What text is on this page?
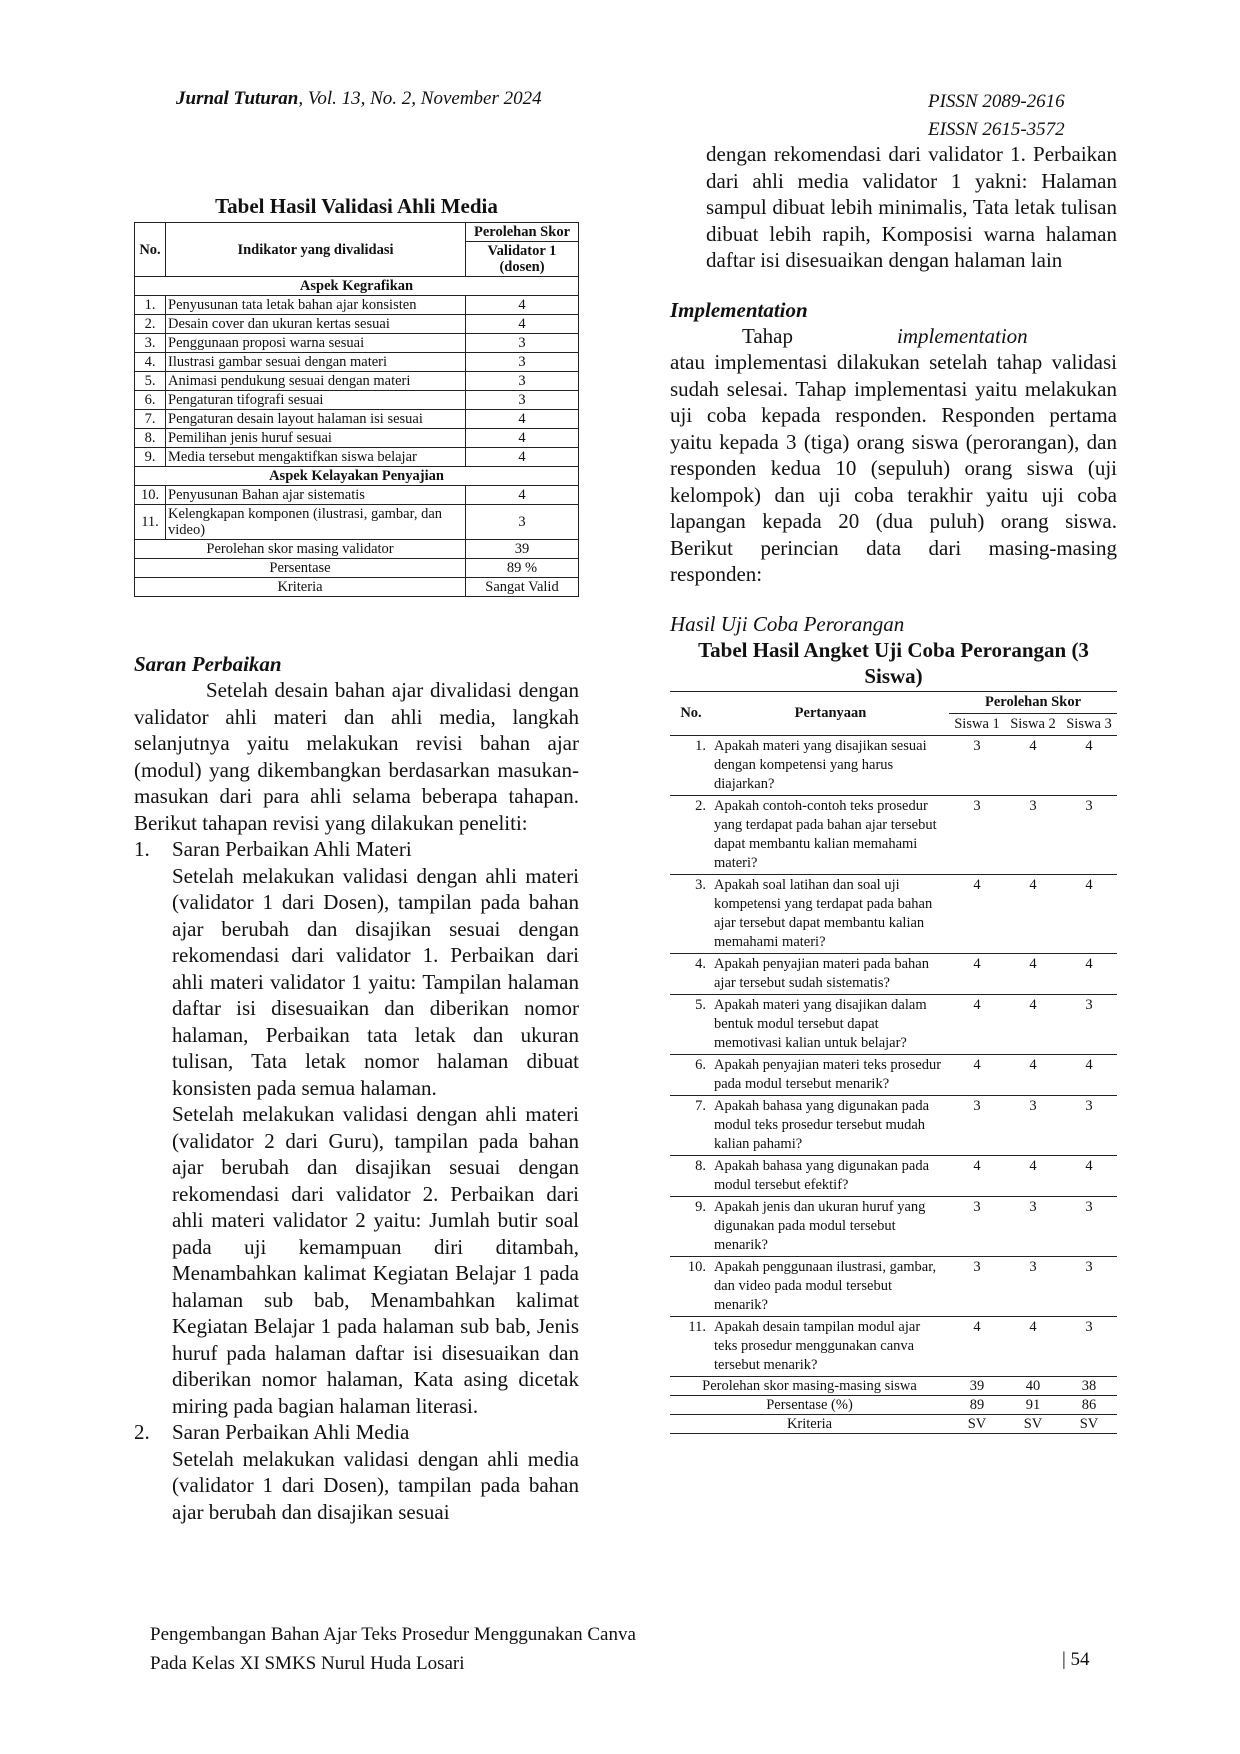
Jurnal Tuturan, Vol. 13, No. 2, November 2024	PISSN 2089-2616
EISSN 2615-3572
Tabel Hasil Validasi Ahli Media
No.	Indikator yang divalidasi	Perolehan Skor
		Validator 1 (dosen)

Aspek Kegrafikan		
1.	Penyusunan tata letak bahan ajar konsisten	4
2.	Desain cover dan ukuran kertas sesuai	4
3.	Penggunaan proposi warna sesuai	3
4.	Ilustrasi gambar sesuai dengan materi	3
5.	Animasi pendukung sesuai dengan materi	3
6.	Pengaturan tifografi sesuai	3
7.	Pengaturan desain layout halaman isi sesuai	4
8.	Pemilihan jenis huruf sesuai	4
9.	Media tersebut mengaktifkan siswa belajar	4
Aspek Kelayakan Penyajian		
10.	Penyusunan Bahan ajar sistematis	4
11.	Kelengkapan komponen (ilustrasi, gambar, dan video)	3
Perolehan skor masing validator		39
Persentase		89 %
Kriteria		Sangat Valid
Saran Perbaikan

Setelah desain bahan ajar divalidasi dengan validator ahli materi dan ahli media, langkah selanjutnya yaitu melakukan revisi bahan ajar (modul) yang dikembangkan berdasarkan masukan-masukan dari para ahli selama beberapa tahapan. Berikut tahapan revisi yang dilakukan peneliti:

1. Saran Perbaikan Ahli Materi
Setelah melakukan validasi dengan ahli materi (validator 1 dari Dosen), tampilan pada bahan ajar berubah dan disajikan sesuai dengan rekomendasi dari validator 1. Perbaikan dari ahli materi validator 1 yaitu: Tampilan halaman daftar isi disesuaikan dan diberikan nomor halaman, Perbaikan tata letak dan ukuran tulisan, Tata letak nomor halaman dibuat konsisten pada semua halaman.
Setelah melakukan validasi dengan ahli materi (validator 2 dari Guru), tampilan pada bahan ajar berubah dan disajikan sesuai dengan rekomendasi dari validator 2. Perbaikan dari ahli materi validator 2 yaitu: Jumlah butir soal pada uji kemampuan diri ditambah, Menambahkan kalimat Kegiatan Belajar 1 pada halaman sub bab, Menambahkan kalimat Kegiatan Belajar 1 pada halaman sub bab, Jenis huruf pada halaman daftar isi disesuaikan dan diberikan nomor halaman, Kata asing dicetak miring pada bagian halaman literasi.
2. Saran Perbaikan Ahli Media
Setelah melakukan validasi dengan ahli media (validator 1 dari Dosen), tampilan pada bahan ajar berubah dan disajikan sesuai
dengan rekomendasi dari validator 1. Perbaikan dari ahli media validator 1 yakni: Halaman sampul dibuat lebih minimalis, Tata letak tulisan dibuat lebih rapih, Komposisi warna halaman daftar isi disesuaikan dengan halaman lain
Implementation

Tahap	implementationatau implementasi dilakukan setelah tahap validasi sudah selesai. Tahap implementasi yaitu melakukan uji coba kepada responden. Responden pertama yaitu kepada 3 (tiga) orang siswa (perorangan), dan responden kedua 10 (sepuluh) orang siswa (uji kelompok) dan uji coba terakhir yaitu uji coba lapangan kepada 20 (dua puluh) orang siswa. Berikut perincian data dari masing-masing responden:

Hasil Uji Coba Perorangan
Tabel Hasil Angket Uji Coba Perorangan (3 Siswa)
No.	Pertanyaan	Perolehan Skor		
		Siswa 1	Siswa 2	Siswa 3
1.	Apakah materi yang disajikan sesuai dengan kompetensi yang harus diajarkan?	3	4	4
2.	Apakah contoh-contoh teks prosedur yang terdapat pada bahan ajar tersebut dapat membantu kalian memahami materi?	3	3	3
3.	Apakah soal latihan dan soal uji kompetensi yang terdapat pada bahan ajar tersebut dapat membantu kalian memahami materi?	4	4	4
4.	Apakah penyajian materi pada bahan ajar tersebut sudah sistematis?	4	4	4
5.	Apakah materi yang disajikan dalam bentuk modul tersebut dapat memotivasi kalian untuk belajar?	4	4	3
6.	Apakah penyajian materi teks prosedur pada modul tersebut menarik?	4	4	4
7.	Apakah bahasa yang digunakan pada modul teks prosedur tersebut mudah kalian pahami?	3	3	3
8.	Apakah bahasa yang digunakan pada modul tersebut efektif?	4	4	4
9.	Apakah jenis dan ukuran huruf yang digunakan pada modul tersebut menarik?	3	3	3
10.	Apakah penggunaan ilustrasi, gambar, dan video pada modul tersebut menarik?	3	3	3
11.	Apakah desain tampilan modul ajar teks prosedur menggunakan canva tersebut menarik?	4	4	3
Perolehan skor masing-masing siswa		39	40	38
Persentase (%)		89	91	86
Kriteria		SV	SV	SV
Pengembangan Bahan Ajar Teks Prosedur Menggunakan Canva
Pada Kelas XI SMKS Nurul Huda Losari	| 54
